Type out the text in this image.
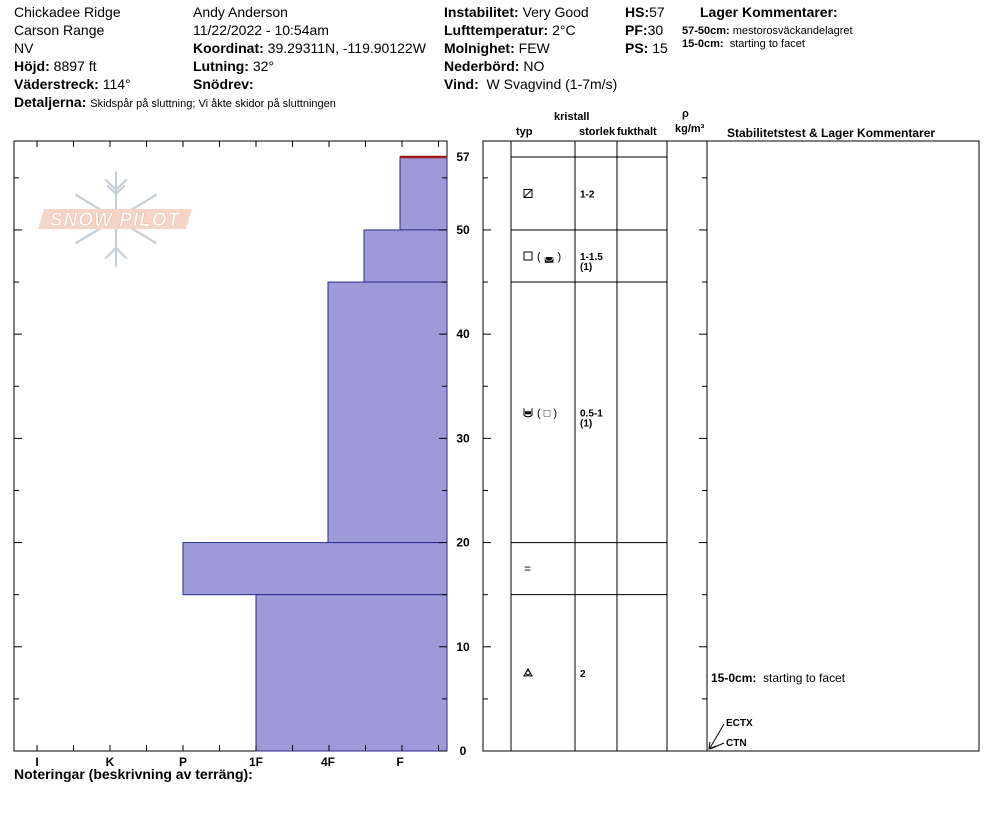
Chickadee Ridge
Carson Range
NV
Höjd: 8897 ft
Väderstreck: 114°
Detaljerna: Skidspår på sluttning; Vi åkte skidor på sluttningen
Andy Anderson
11/22/2022 - 10:54am
Koordinat: 39.29311N, -119.90122W
Lutning: 32°
Snödrev:
Instabilitet: Very Good
Lufttemperatur: 2°C
Molnighet: FEW
Nederbörd: NO
Vind: W Svagvind (1-7m/s)
HS:57
PF:30
PS: 15
Lager Kommentarer:
57-50cm: mestorosväckandelagret
15-0cm: starting to facet
kristall
typ	storlek fukthalt
ρ
kg/m³ Stabilitetstest & Lager Kommentarer
SNOW PILOT
I	K	P	1F	4F	F
0
10
20
30
40
50
57
1-2
( ◛ ) 1-1.5
(1)
( □ ) 0.5-1
(1)
=
2	15-0cm: starting to facet
ECTX
CTN
Noteringar (beskrivning av terräng):
